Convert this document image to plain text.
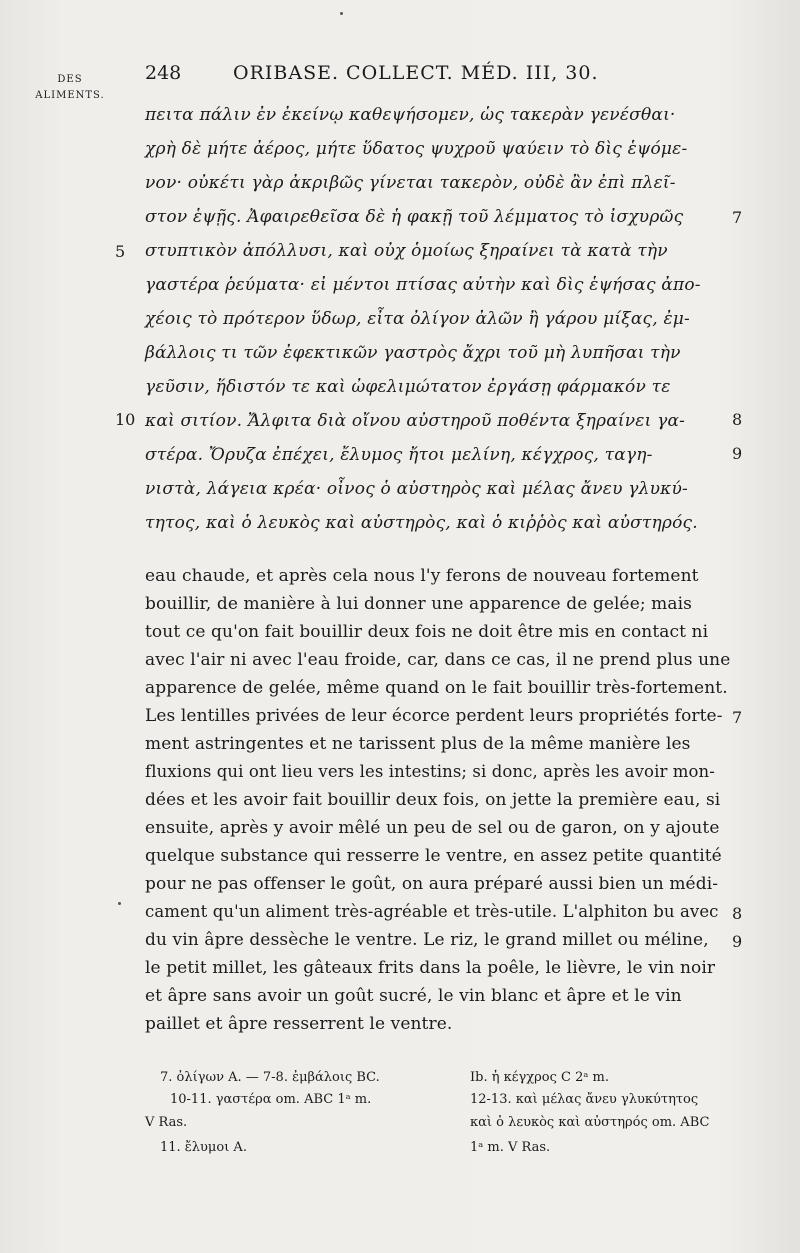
DES
ALIMENTS.
248	ORIBASE. COLLECT. MÉD. III, 30.
πειτα πάλιν ἐν ἐκείνῳ καθεψήσομεν, ὡς τακερὰν γενέσθαι·
χρὴ δὲ μήτε ἀέρος, μήτε ὕδατος ψυχροῦ ψαύειν τὸ δὶς ἑψόμε-
νον· οὐκέτι γὰρ ἀκριβῶς γίνεται τακερὸν, οὐδὲ ἂν ἐπὶ πλεῖ-
στον ἑψῇς. Ἀφαιρεθεῖσα δὲ ἡ φακῇ τοῦ λέμματος τὸ ἰσχυρῶς
στυπτικὸν ἀπόλλυσι, καὶ οὐχ ὁμοίως ξηραίνει τὰ κατὰ τὴν
γαστέρα ῥεύματα· εἰ μέντοι πτίσας αὐτὴν καὶ δὶς ἑψήσας ἀπο-
χέοις τὸ πρότερον ὕδωρ, εἶτα ὀλίγον ἀλῶν ἢ γάρου μίξας, ἐμ-
βάλλοις τι τῶν ἐφεκτικῶν γαστρὸς ἄχρι τοῦ μὴ λυπῆσαι τὴν
γεῦσιν, ἥδιστόν τε καὶ ὠφελιμώτατον ἐργάσῃ φάρμακόν τε
καὶ σιτίον. Ἄλφιτα διὰ οἴνου αὐστηροῦ ποθέντα ξηραίνει γα-
στέρα. Ὄρυζα ἐπέχει, ἔλυμος ἤτοι μελίνη, κέγχρος, ταγη-
νιστὰ, λάγεια κρέα· οἶνος ὁ αὐστηρὸς καὶ μέλας ἄνευ γλυκύ-
τητος, καὶ ὁ λευκὸς καὶ αὐστηρὸς, καὶ ὁ κιῤῥὸς καὶ αὐστηρός.
5
10
7
8
9
eau chaude, et après cela nous l'y ferons de nouveau fortement
bouillir, de manière à lui donner une apparence de gelée; mais
tout ce qu'on fait bouillir deux fois ne doit être mis en contact ni
avec l'air ni avec l'eau froide, car, dans ce cas, il ne prend plus une
apparence de gelée, même quand on le fait bouillir très-fortement.
Les lentilles privées de leur écorce perdent leurs propriétés forte-
ment astringentes et ne tarissent plus de la même manière les
fluxions qui ont lieu vers les intestins; si donc, après les avoir mon-
dées et les avoir fait bouillir deux fois, on jette la première eau, si
ensuite, après y avoir mêlé un peu de sel ou de garon, on y ajoute
quelque substance qui resserre le ventre, en assez petite quantité
pour ne pas offenser le goût, on aura préparé aussi bien un médi-
cament qu'un aliment très-agréable et très-utile. L'alphiton bu avec
du vin âpre dessèche le ventre. Le riz, le grand millet ou méline,
le petit millet, les gâteaux frits dans la poêle, le lièvre, le vin noir
et âpre sans avoir un goût sucré, le vin blanc et âpre et le vin
paillet et âpre resserrent le ventre.
7
8
9
7. ὀλίγων A. — 7-8. ἐμβάλοις BC.
10-11. γαστέρα om. ABC 1ᵃ m.
V Ras.
11. ἔλυμοι A.
Ib. ἡ κέγχρος C 2ᵃ m.
12-13. καὶ μέλας ἄνευ γλυκύτητος
καὶ ὁ λευκὸς καὶ αὐστηρός om. ABC
1ᵃ m. V Ras.
